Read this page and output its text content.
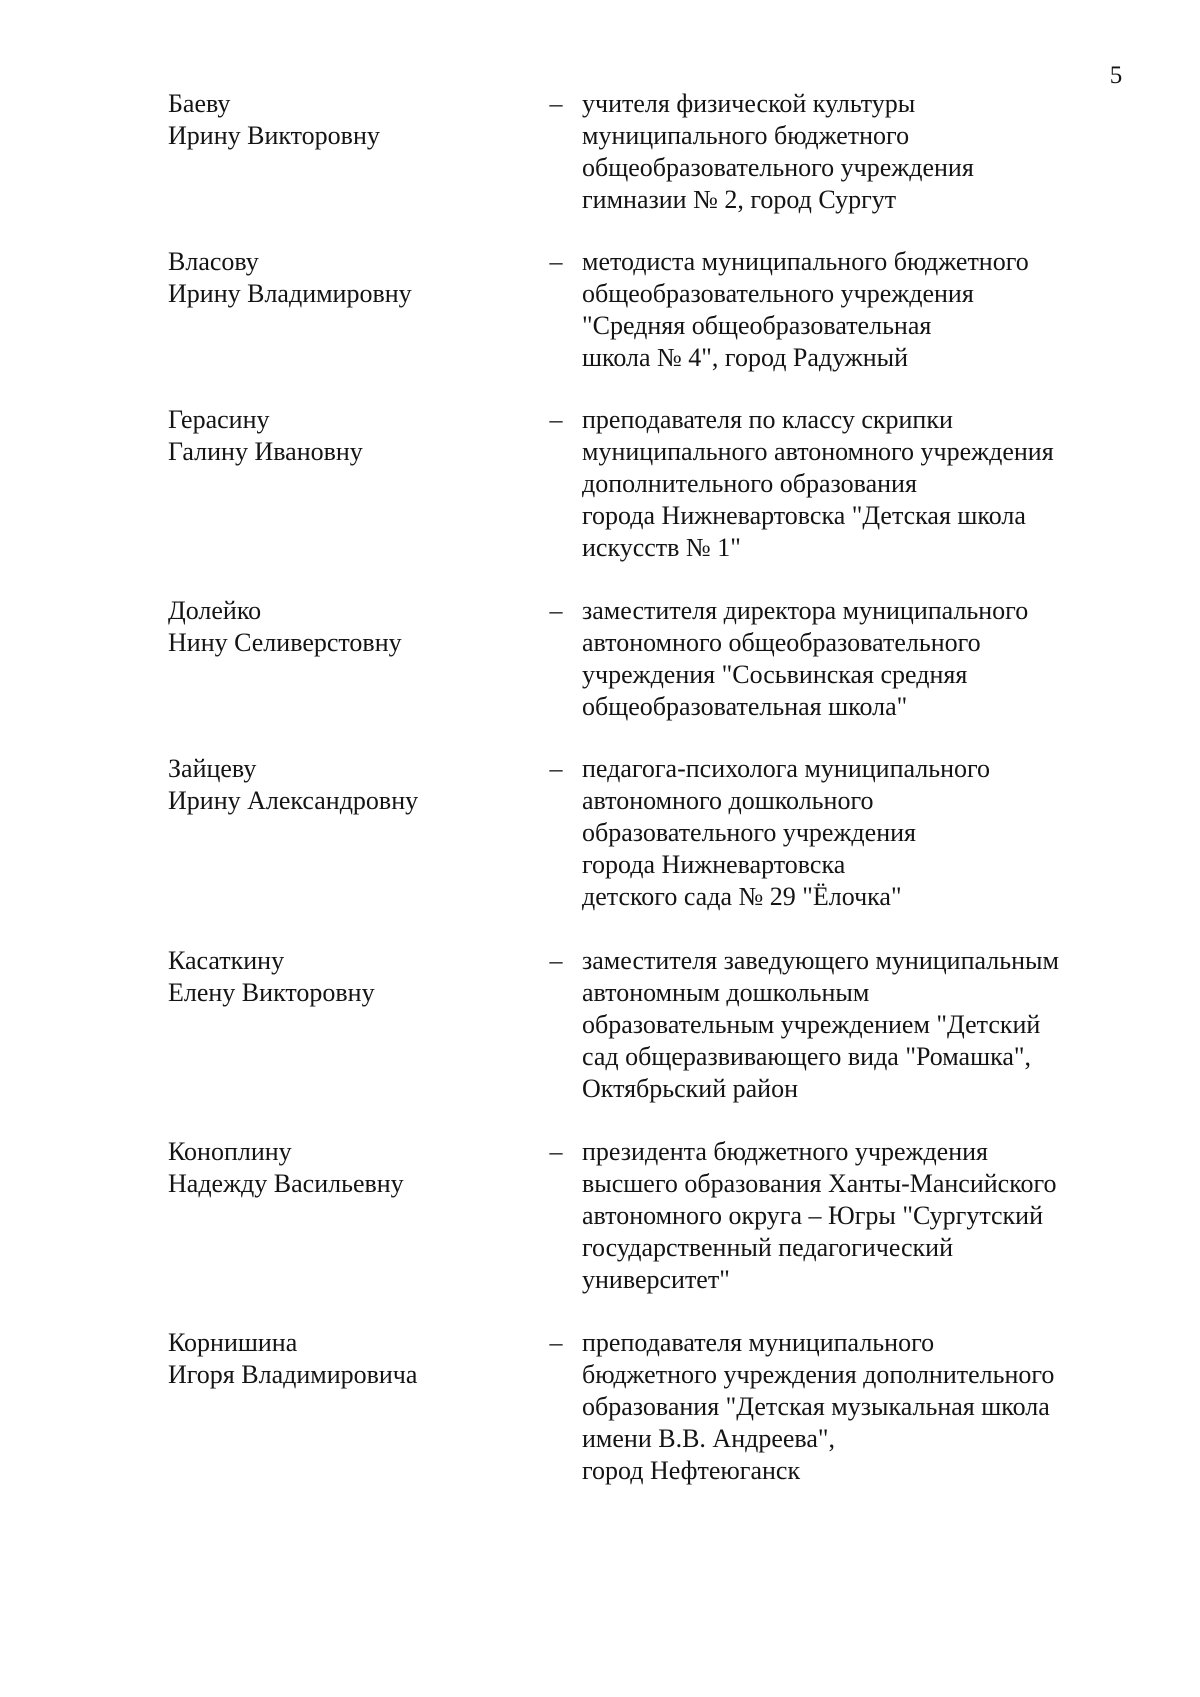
5
Баеву
Ирину Викторовну
– учителя физической культуры
муниципального бюджетного
общеобразовательного учреждения
гимназии № 2, город Сургут
Власову
Ирину Владимировну
– методиста муниципального бюджетного
общеобразовательного учреждения
"Средняя общеобразовательная
школа № 4", город Радужный
Герасину
Галину Ивановну
– преподавателя по классу скрипки
муниципального автономного учреждения
дополнительного образования
города Нижневартовска "Детская школа
искусств № 1"
Долейко
Нину Селиверстовну
– заместителя директора муниципального
автономного общеобразовательного
учреждения "Сосьвинская средняя
общеобразовательная школа"
Зайцеву
Ирину Александровну
– педагога-психолога муниципального
автономного дошкольного
образовательного учреждения
города Нижневартовска
детского сада № 29 "Ёлочка"
Касаткину
Елену Викторовну
– заместителя заведующего муниципальным
автономным дошкольным
образовательным учреждением "Детский
сад общеразвивающего вида "Ромашка",
Октябрьский район
Коноплину
Надежду Васильевну
– президента бюджетного учреждения
высшего образования Ханты-Мансийского
автономного округа – Югры "Сургутский
государственный педагогический
университет"
Корнишина
Игоря Владимировича
– преподавателя муниципального
бюджетного учреждения дополнительного
образования "Детская музыкальная школа
имени В.В. Андреева",
город Нефтеюганск
